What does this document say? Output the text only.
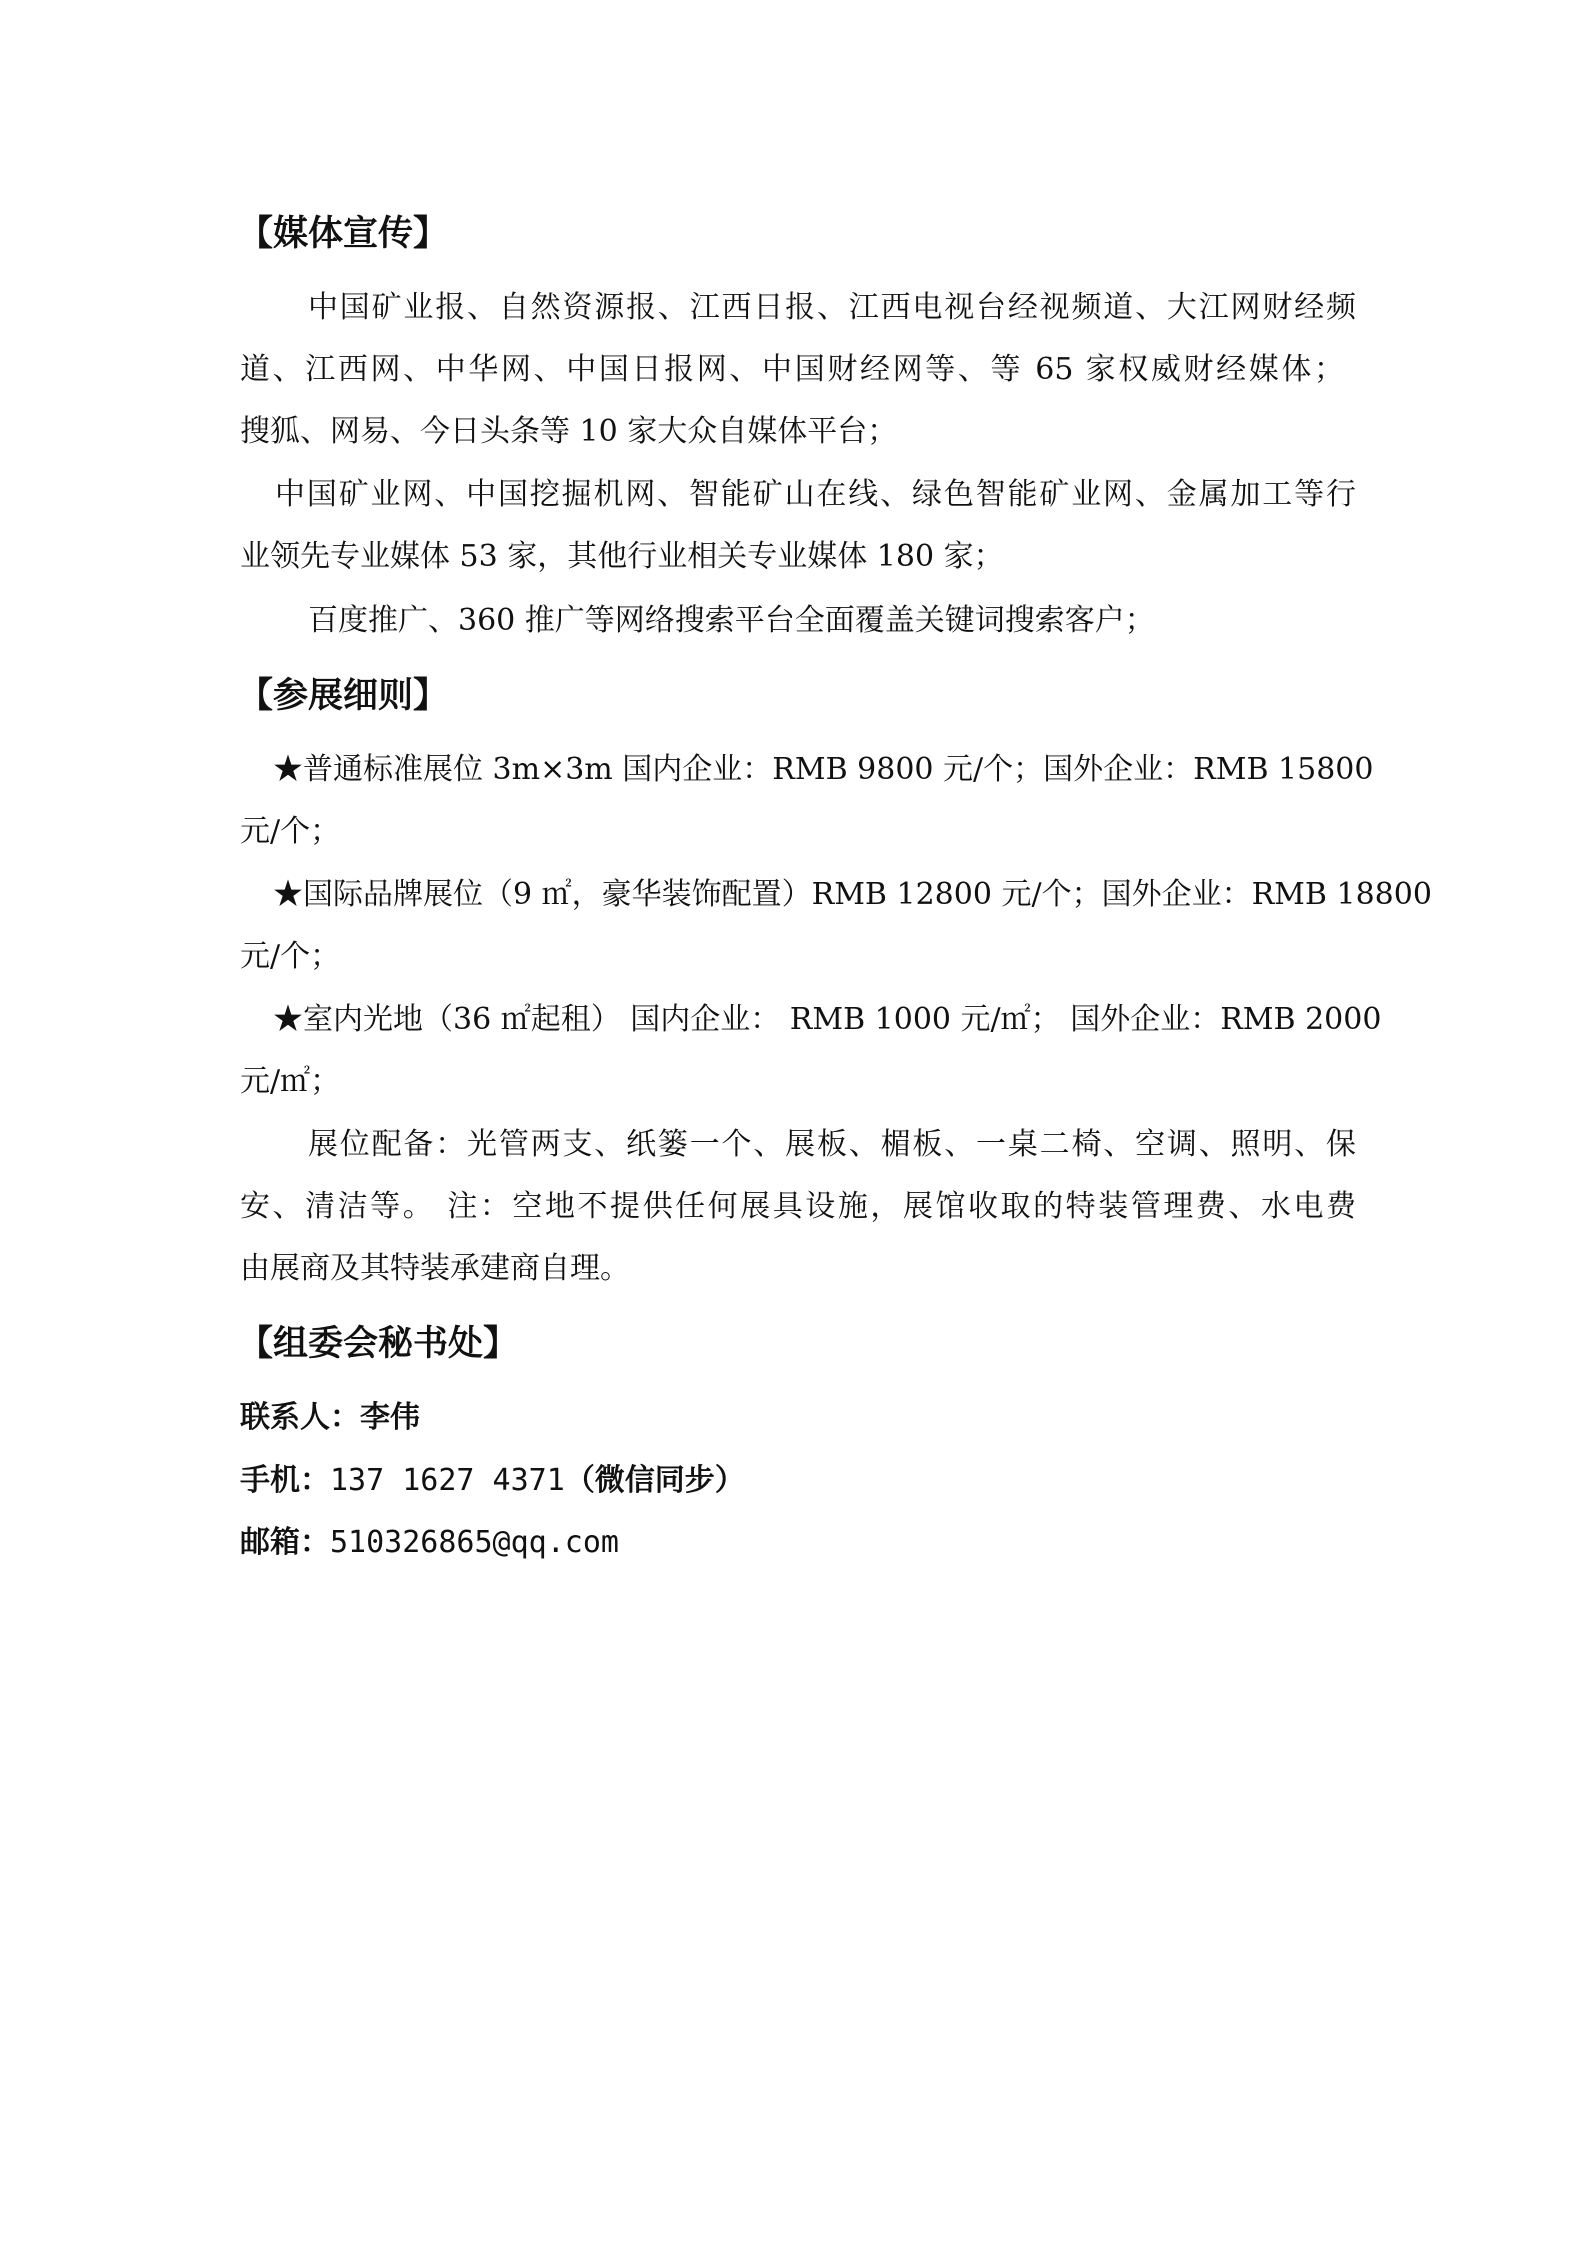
【媒体宣传】
中国矿业报、自然资源报、江西日报、江西电视台经视频道、大江网财经频
道、江西网、中华网、中国日报网、中国财经网等、等 65 家权威财经媒体；
搜狐、网易、今日头条等 10 家大众自媒体平台；
中国矿业网、中国挖掘机网、智能矿山在线、绿色智能矿业网、金属加工等行
业领先专业媒体 53 家，其他行业相关专业媒体 180 家；
百度推广、360 推广等网络搜索平台全面覆盖关键词搜索客户；
【参展细则】
★普通标准展位 3m×3m 国内企业：RMB 9800 元/个；国外企业：RMB 15800
元/个；
★国际品牌展位（9 ㎡，豪华装饰配置）RMB 12800 元/个；国外企业：RMB 18800
元/个；
★室内光地（36 ㎡起租） 国内企业： RMB 1000 元/㎡； 国外企业：RMB 2000
元/㎡；
展位配备：光管两支、纸篓一个、展板、楣板、一桌二椅、空调、照明、保
安、清洁等。 注：空地不提供任何展具设施，展馆收取的特装管理费、水电费
由展商及其特装承建商自理。
【组委会秘书处】
联系人：李伟
手机：137 1627 4371（微信同步）
邮箱：510326865@qq.com
